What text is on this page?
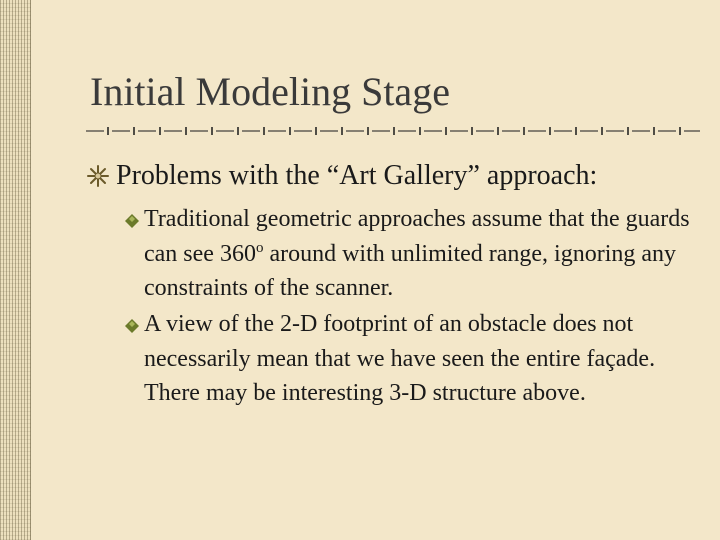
Initial Modeling Stage
Problems with the “Art Gallery” approach:
Traditional geometric approaches assume that the guards can see 360$^o$ around with unlimited range, ignoring any constraints of the scanner.
A view of the 2-D footprint of an obstacle does not necessarily mean that we have seen the entire façade. There may be interesting 3-D structure above.
